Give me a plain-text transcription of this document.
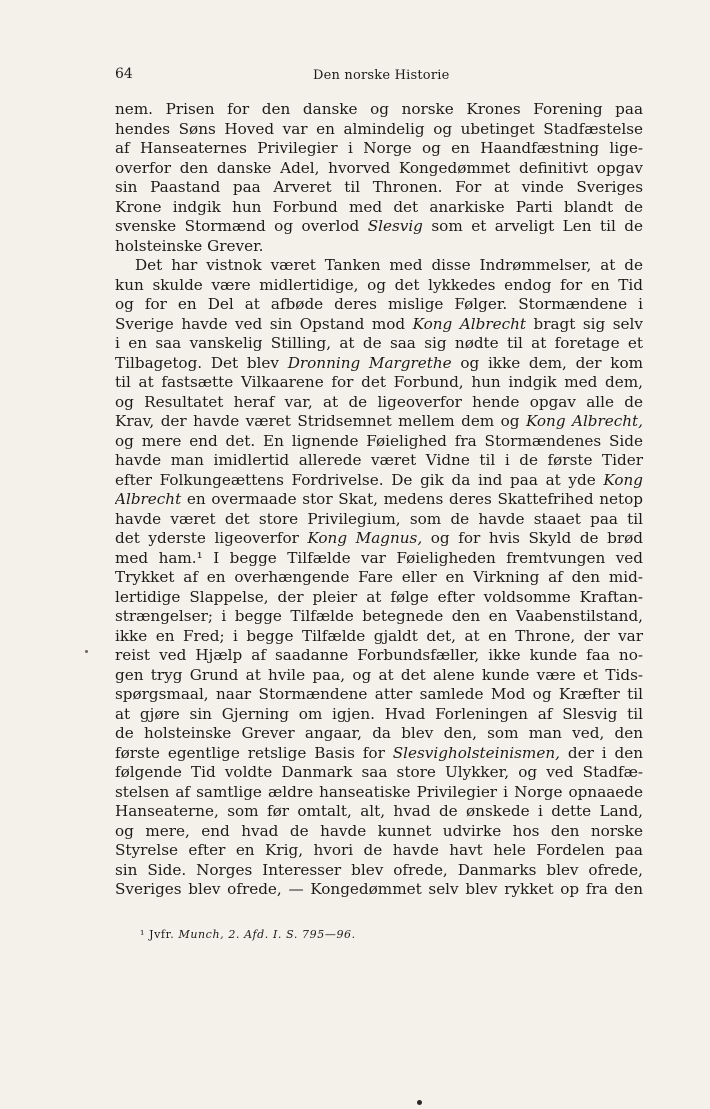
64	Den norske Historie

nem. Prisen for den danske og norske Krones Forening paa
hendes Søns Hoved var en almindelig og ubetinget Stadfæstelse
af Hanseaternes Privilegier i Norge og en Haandfæstning lige-
overfor den danske Adel, hvorved Kongedømmet definitivt opgav
sin Paastand paa Arveret til Thronen. For at vinde Sveriges
Krone indgik hun Forbund med det anarkiske Parti blandt de
svenske Stormænd og overlod Slesvig som et arveligt Len til de
holsteinske Grever.
Det har vistnok været Tanken med disse Indrømmelser, at de
kun skulde være midlertidige, og det lykkedes endog for en Tid
og for en Del at afbøde deres mislige Følger. Stormændene i
Sverige havde ved sin Opstand mod Kong Albrecht bragt sig selv
i en saa vanskelig Stilling, at de saa sig nødte til at foretage et
Tilbagetog. Det blev Dronning Margrethe og ikke dem, der kom
til at fastsætte Vilkaarene for det Forbund, hun indgik med dem,
og Resultatet heraf var, at de ligeoverfor hende opgav alle de
Krav, der havde været Stridsemnet mellem dem og Kong Albrecht,
og mere end det. En lignende Føielighed fra Stormændenes Side
havde man imidlertid allerede været Vidne til i de første Tider
efter Folkungeættens Fordrivelse. De gik da ind paa at yde Kong
Albrecht en overmaade stor Skat, medens deres Skattefrihed netop
havde været det store Privilegium, som de havde staaet paa til
det yderste ligeoverfor Kong Magnus, og for hvis Skyld de brød
med ham.¹ I begge Tilfælde var Føieligheden fremtvungen ved
Trykket af en overhængende Fare eller en Virkning af den mid-
lertidige Slappelse, der pleier at følge efter voldsomme Kraftan-
strængelser; i begge Tilfælde betegnede den en Vaabenstilstand,
ikke en Fred; i begge Tilfælde gjaldt det, at en Throne, der var
reist ved Hjælp af saadanne Forbundsfæller, ikke kunde faa no-
gen tryg Grund at hvile paa, og at det alene kunde være et Tids-
spørgsmaal, naar Stormændene atter samlede Mod og Kræfter til
at gjøre sin Gjerning om igjen. Hvad Forleningen af Slesvig til
de holsteinske Grever angaar, da blev den, som man ved, den
første egentlige retslige Basis for Slesvigholsteinismen, der i den
følgende Tid voldte Danmark saa store Ulykker, og ved Stadfæ-
stelsen af samtlige ældre hanseatiske Privilegier i Norge opnaaede
Hanseaterne, som før omtalt, alt, hvad de ønskede i dette Land,
og mere, end hvad de havde kunnet udvirke hos den norske
Styrelse efter en Krig, hvori de havde havt hele Fordelen paa
sin Side. Norges Interesser blev ofrede, Danmarks blev ofrede,
Sveriges blev ofrede, — Kongedømmet selv blev rykket op fra den

¹ Jvfr. Munch, 2. Afd. I. S. 795—96.
